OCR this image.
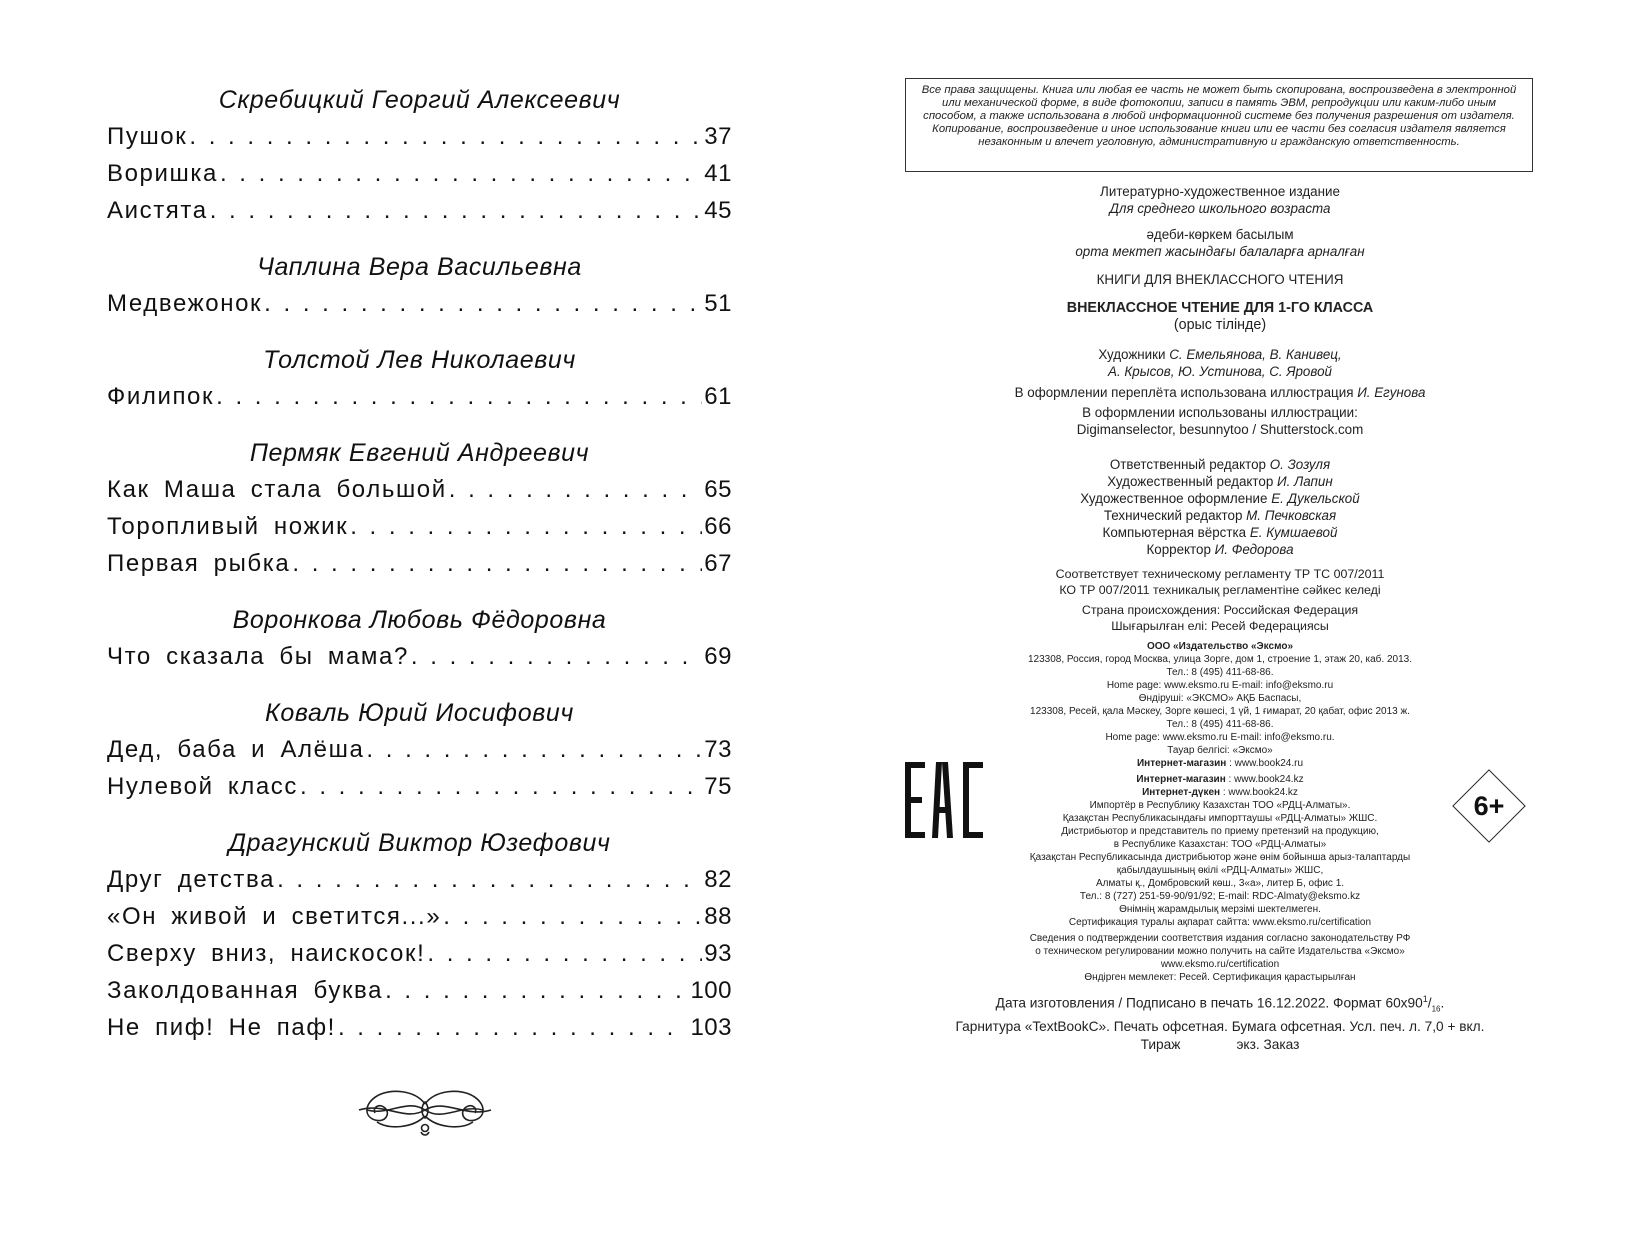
Скребицкий Георгий Алексеевич
Пушок . . .	37
Воришка . . .	41
Аистята . . .	45
Чаплина Вера Васильевна
Медвежонок . . .	51
Толстой Лев Николаевич
Филипок . . .	61
Пермяк Евгений Андреевич
Как Маша стала большой . . .	65
Торопливый ножик . . .	66
Первая рыбка . . .	67
Воронкова Любовь Фёдоровна
Что сказала бы мама? . . .	69
Коваль Юрий Иосифович
Дед, баба и Алёша . . .	73
Нулевой класс . . .	75
Драгунский Виктор Юзефович
Друг детства . . .	82
«Он живой и светится...» . . .	88
Сверху вниз, наискосок! . . .	93
Заколдованная буква . . .	100
Не пиф! Не паф! . . .	103
Все права защищены. Книга или любая ее часть не может быть скопирована, воспроизведена в электронной или механической форме, в виде фотокопии, записи в память ЭВМ, репродукции или каким-либо иным способом, а также использована в любой информационной системе без получения разрешения от издателя. Копирование, воспроизведение и иное использование книги или ее части без согласия издателя является незаконным и влечет уголовную, административную и гражданскую ответственность.
Литературно-художественное издание
Для среднего школьного возраста
әдеби-көркем басылым
орта мектеп жасындағы балаларға арналған
КНИГИ ДЛЯ ВНЕКЛАССНОГО ЧТЕНИЯ
ВНЕКЛАССНОЕ ЧТЕНИЕ ДЛЯ 1-ГО КЛАССА
(орыс тілінде)
Художники С. Емельянова, В. Канивец,
А. Крысов, Ю. Устинова, С. Яровой
В оформлении переплёта использована иллюстрация И. Егунова
В оформлении использованы иллюстрации:
Digimanselector, besunnytoo / Shutterstock.com
Ответственный редактор О. Зозуля
Художественный редактор И. Лапин
Художественное оформление Е. Дукельской
Технический редактор М. Печковская
Компьютерная вёрстка Е. Кумшаевой
Корректор И. Федорова
Соответствует техническому регламенту ТР ТС 007/2011
КО ТР 007/2011 техникалық регламентіне сәйкес келеді
Страна происхождения: Российская Федерация
Шығарылған елі: Ресей Федерациясы
ООО «Издательство «Эксмо»
123308, Россия, город Москва, улица Зорге, дом 1, строение 1, этаж 20, каб. 2013.
Тел.: 8 (495) 411-68-86.
Home page: www.eksmo.ru E-mail: info@eksmo.ru
Өндіруші: «ЭКСМО» АҚБ Баспасы,
123308, Ресей, қала Мәскеу, Зорге көшесі, 1 үй, 1 ғимарат, 20 қабат, офис 2013 ж.
Тел.: 8 (495) 411-68-86.
Home page: www.eksmo.ru E-mail: info@eksmo.ru.
Тауар белгісі: «Эксмо»
Интернет-магазин : www.book24.ru
Интернет-магазин : www.book24.kz
Интернет-дүкен : www.book24.kz
Импортёр в Республику Казахстан ТОО «РДЦ-Алматы».
Қазақстан Республикасындағы импорттаушы «РДЦ-Алматы» ЖШС.
Дистрибьютор и представитель по приему претензий на продукцию,
в Республике Казахстан: ТОО «РДЦ-Алматы»
Қазақстан Республикасында дистрибьютор және өнім бойынша арыз-талаптарды
қабылдаушының өкілі «РДЦ-Алматы» ЖШС,
Алматы қ., Домбровский көш., 3«а», литер Б, офис 1.
Тел.: 8 (727) 251-59-90/91/92; E-mail: RDC-Almaty@eksmo.kz
Өнімнің жарамдылық мерзімі шектелмеген.
Сертификация туралы ақпарат сайтта: www.eksmo.ru/certification
Сведения о подтверждении соответствия издания согласно законодательству РФ
о техническом регулировании можно получить на сайте Издательства «Эксмо»
www.eksmo.ru/certification
Өндірген мемлекет: Ресей. Сертификация қарастырылған
Дата изготовления / Подписано в печать 16.12.2022. Формат $60x90^1/_{16}$.
Гарнитура «TextBookC». Печать офсетная. Бумага офсетная. Усл. печ. л. 7,0 + вкл.
Тираж	экз. Заказ
6+
